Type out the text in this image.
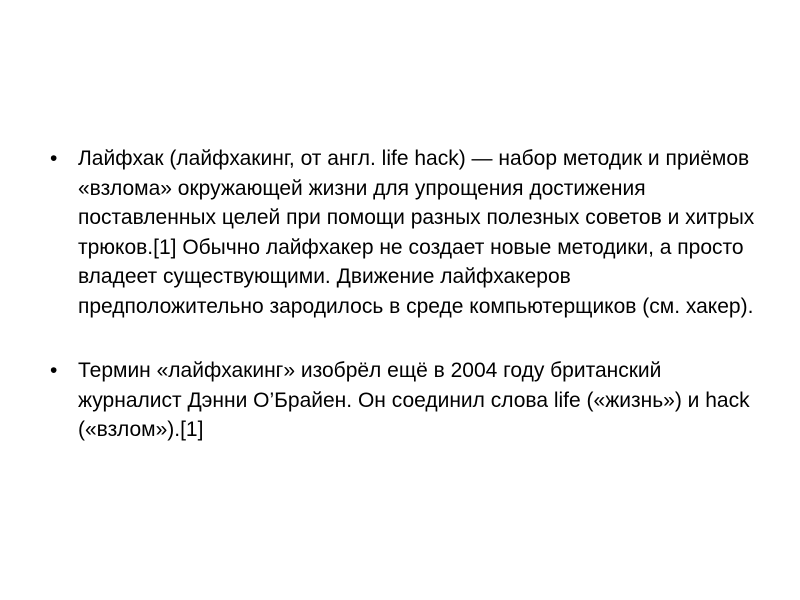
• Лайфхак (лайфхакинг, от англ. life hack) — набор методик и приёмов «взлома» окружающей жизни для упрощения достижения поставленных целей при помощи разных полезных советов и хитрых трюков.[1] Обычно лайфхакер не создает новые методики, а просто владеет существующими. Движение лайфхакеров предположительно зародилось в среде компьютерщиков (см. хакер).
• Термин «лайфхакинг» изобрёл ещё в 2004 году британский журналист Дэнни О’Брайен. Он соединил слова life («жизнь») и hack («взлом»).[1]
